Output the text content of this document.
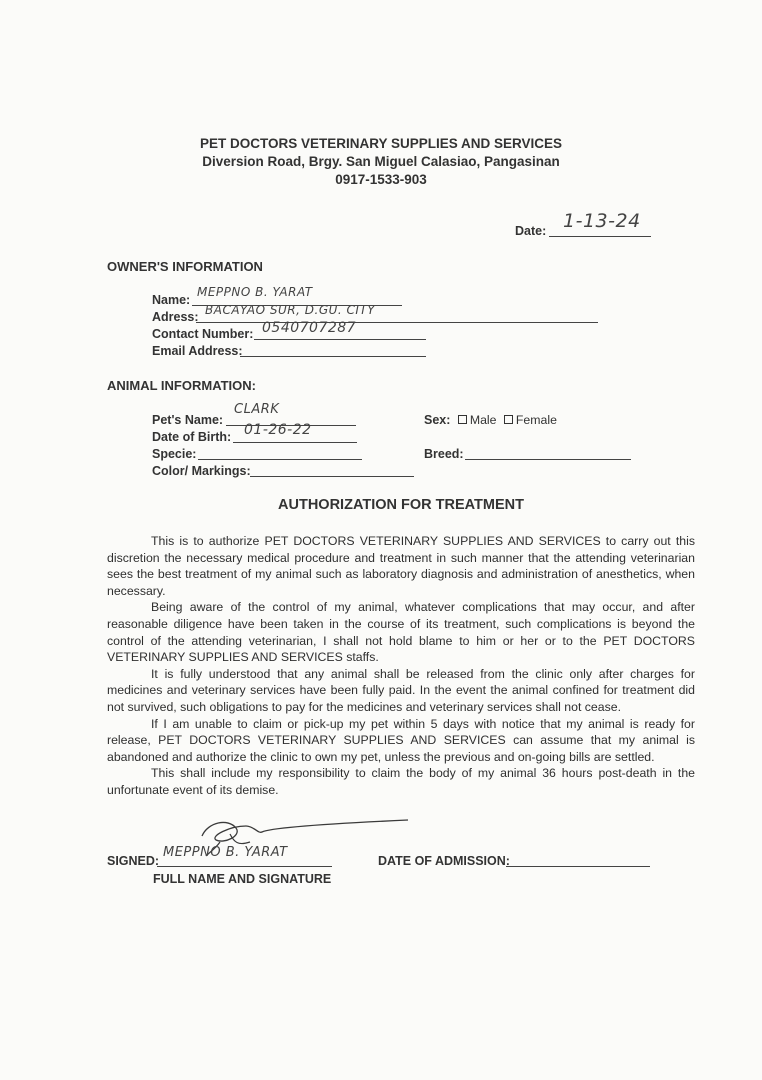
PET DOCTORS VETERINARY SUPPLIES AND SERVICES
Diversion Road, Brgy. San Miguel Calasiao, Pangasinan
0917-1533-903
Date: 1-13-24
OWNER'S INFORMATION
Name:
MEPPNO B. YARAT
Adress: BACAYAO SUR, D.GU. CITY
Contact Number: 0540707287
Email Address:
ANIMAL INFORMATION:
Pet's Name:
CLARK
Date of Birth: 01-26-22
Specie:
Color/ Markings:
Sex: Male Female
Breed:
AUTHORIZATION FOR TREATMENT

This is to authorize PET DOCTORS VETERINARY SUPPLIES AND SERVICES to carry out this discretion the necessary medical procedure and treatment in such manner that the attending veterinarian sees the best treatment of my animal such as laboratory diagnosis and administration of anesthetics, when necessary.

Being aware of the control of my animal, whatever complications that may occur, and after reasonable diligence have been taken in the course of its treatment, such complications is beyond the control of the attending veterinarian, I shall not hold blame to him or her or to the PET DOCTORS VETERINARY SUPPLIES AND SERVICES staffs.

It is fully understood that any animal shall be released from the clinic only after charges for medicines and veterinary services have been fully paid. In the event the animal confined for treatment did not survived, such obligations to pay for the medicines and veterinary services shall not cease.

If I am unable to claim or pick-up my pet within 5 days with notice that my animal is ready for release, PET DOCTORS VETERINARY SUPPLIES AND SERVICES can assume that my animal is abandoned and authorize the clinic to own my pet, unless the previous and on-going bills are settled.

This shall include my responsibility to claim the body of my animal 36 hours post-death in the unfortunate event of its demise.

SIGNED:
MEPPNO B. YARAT
FULL NAME AND SIGNATURE
DATE OF ADMISSION:
